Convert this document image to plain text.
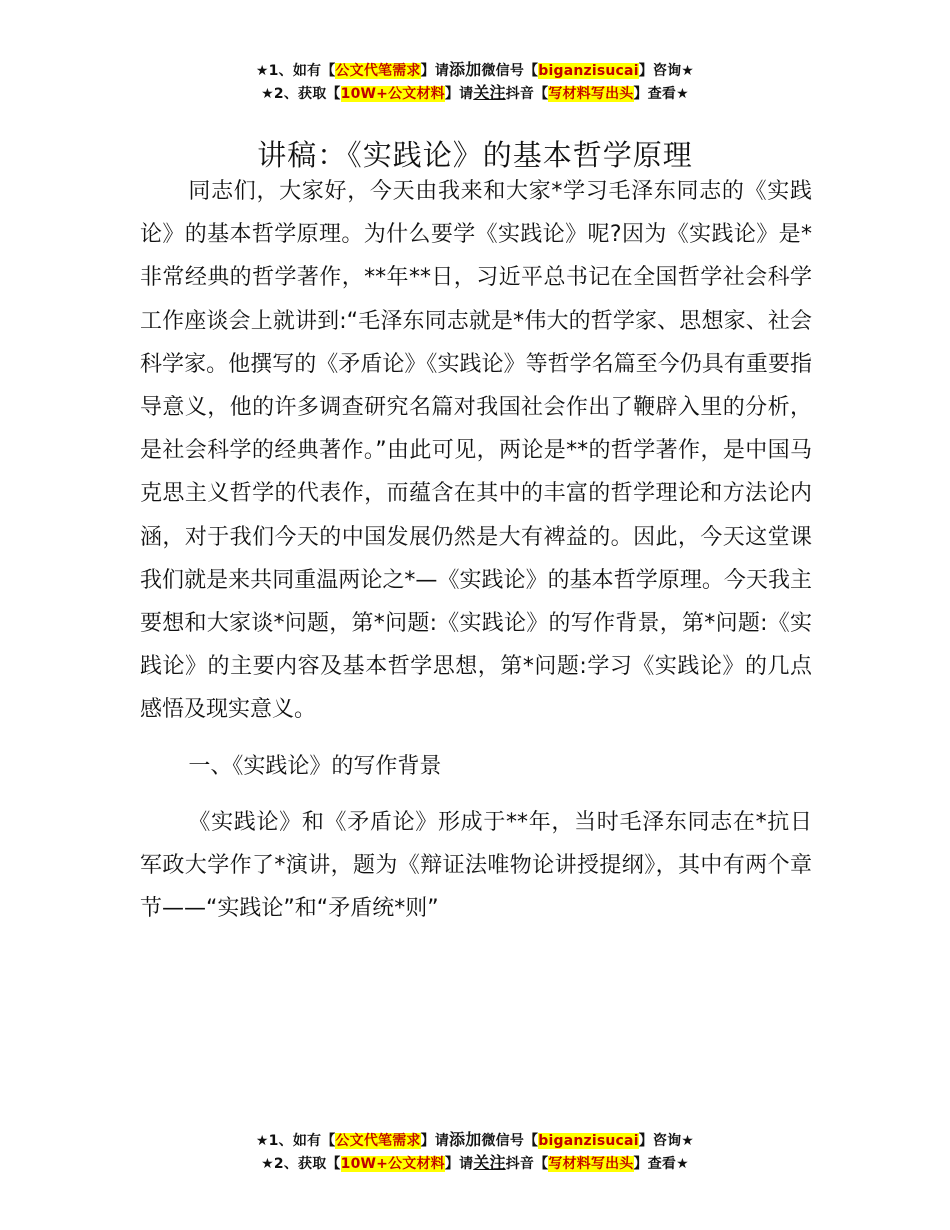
★1、如有【公文代笔需求】请添加微信号【biganzisucai】咨询★
★2、获取【10W+公文材料】请关注抖音【写材料写出头】查看★
讲稿：《实践论》的基本哲学原理

同志们，大家好，今天由我来和大家*学习毛泽东同志的《实践论》的基本哲学原理。为什么要学《实践论》呢?因为《实践论》是*非常经典的哲学著作，**年**日，习近平总书记在全国哲学社会科学工作座谈会上就讲到:“毛泽东同志就是*伟大的哲学家、思想家、社会科学家。他撰写的《矛盾论》《实践论》等哲学名篇至今仍具有重要指导意义，他的许多调查研究名篇对我国社会作出了鞭辟入里的分析，是社会科学的经典著作。”由此可见，两论是**的哲学著作，是中国马克思主义哲学的代表作，而蕴含在其中的丰富的哲学理论和方法论内涵，对于我们今天的中国发展仍然是大有裨益的。因此，今天这堂课我们就是来共同重温两论之*—《实践论》的基本哲学原理。今天我主要想和大家谈*问题，第*问题:《实践论》的写作背景，第*问题:《实践论》的主要内容及基本哲学思想，第*问题:学习《实践论》的几点感悟及现实意义。

一、《实践论》的写作背景

《实践论》和《矛盾论》形成于**年，当时毛泽东同志在*抗日军政大学作了*演讲，题为《辩证法唯物论讲授提纲》，其中有两个章节——“实践论”和“矛盾统*则”

★1、如有【公文代笔需求】请添加微信号【biganzisucai】咨询★
★2、获取【10W+公文材料】请关注抖音【写材料写出头】查看★
